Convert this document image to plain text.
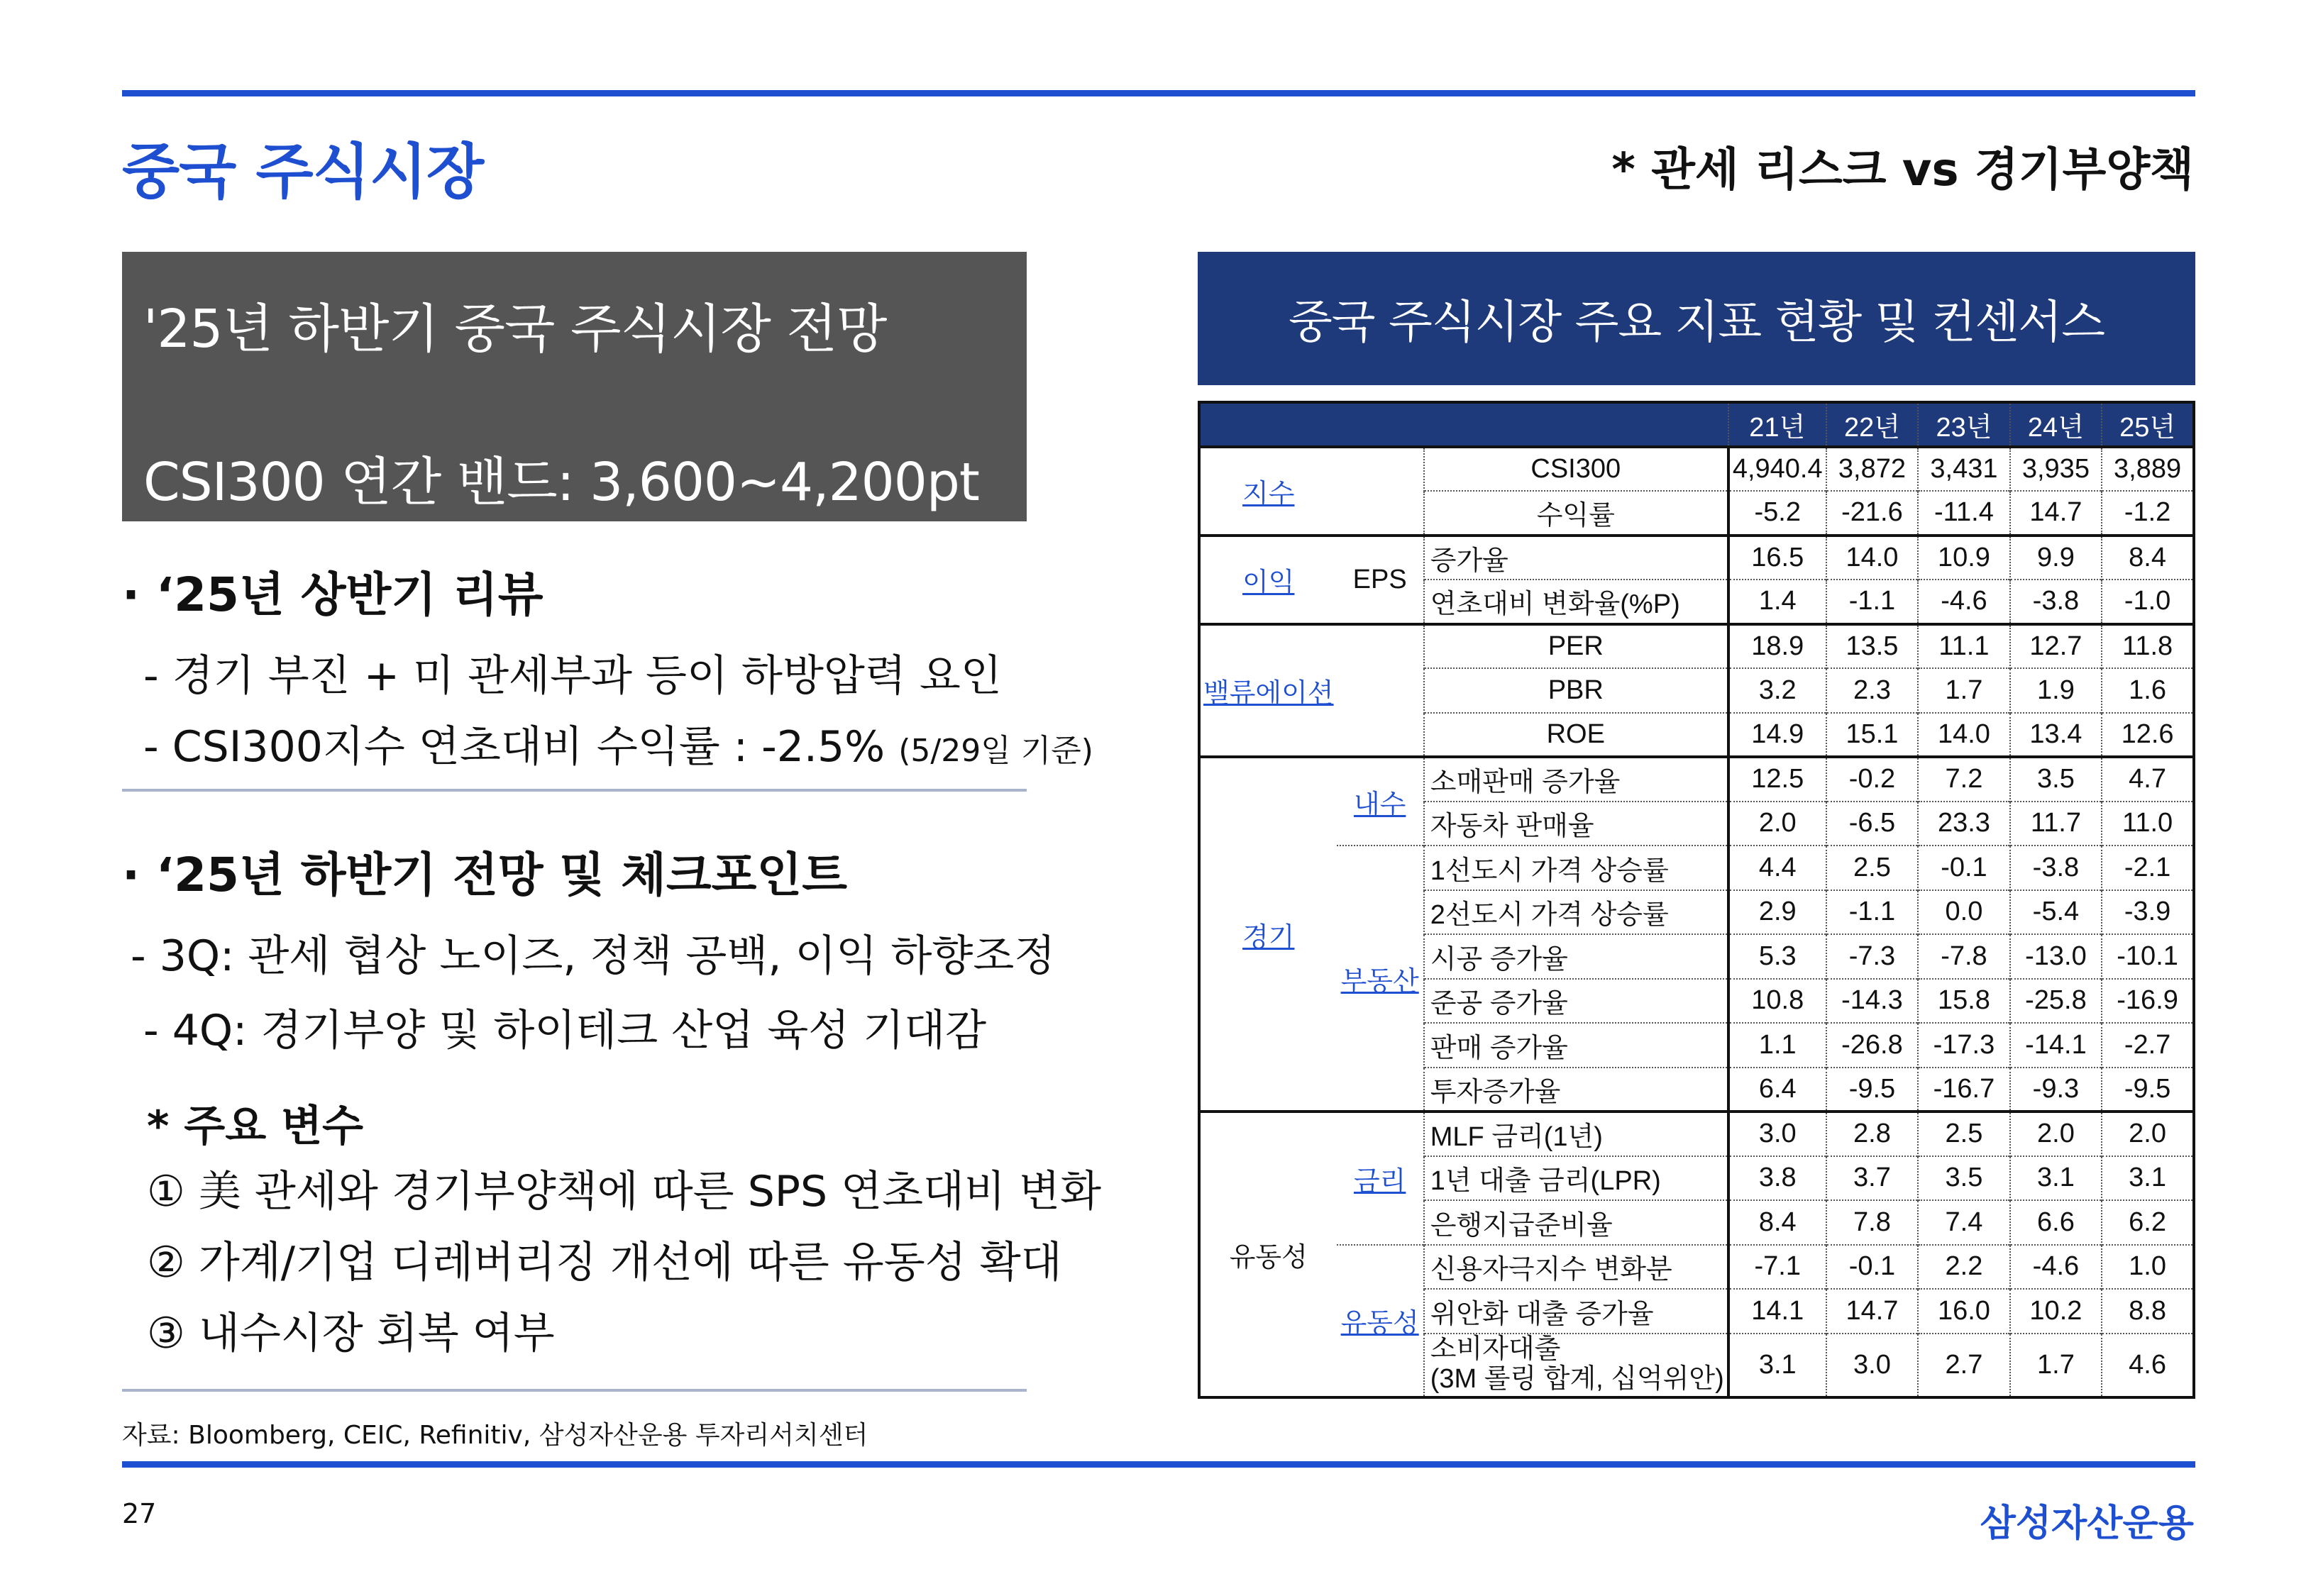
중국 주식시장	* 관세 리스크 vs 경기부양책
'25년 하반기 중국 주식시장 전망
CSI300 연간 밴드: 3,600~4,200pt
· ‘25년 상반기 리뷰
- 경기 부진 + 미 관세부과 등이 하방압력 요인
- CSI300지수 연초대비 수익률 : -2.5% (5/29일 기준)
· ‘25년 하반기 전망 및 체크포인트
- 3Q: 관세 협상 노이즈, 정책 공백, 이익 하향조정
- 4Q: 경기부양 및 하이테크 산업 육성 기대감
* 주요 변수
① 美 관세와 경기부양책에 따른 SPS 연초대비 변화
② 가계/기업 디레버리징 개선에 따른 유동성 확대
③ 내수시장 회복 여부
자료: Bloomberg, CEIC, Refinitiv, 삼성자산운용 투자리서치센터
27	삼성자산운용
중국 주식시장 주요 지표 현황 및 컨센서스
			21년	22년	23년	24년	25년
지수		CSI300	4,940.4	3,872	3,431	3,935	3,889
		수익률	-5.2	-21.6	-11.4	14.7	-1.2
이익	EPS	증가율	16.5	14.0	10.9	9.9	8.4
		연초대비 변화율(%P)	1.4	-1.1	-4.6	-3.8	-1.0
밸류에이션		PER	18.9	13.5	11.1	12.7	11.8
		PBR	3.2	2.3	1.7	1.9	1.6
		ROE	14.9	15.1	14.0	13.4	12.6
경기	내수	소매판매 증가율	12.5	-0.2	7.2	3.5	4.7
		자동차 판매율	2.0	-6.5	23.3	11.7	11.0
	부동산	1선도시 가격 상승률	4.4	2.5	-0.1	-3.8	-2.1
		2선도시 가격 상승률	2.9	-1.1	0.0	-5.4	-3.9
		시공 증가율	5.3	-7.3	-7.8	-13.0	-10.1
		준공 증가율	10.8	-14.3	15.8	-25.8	-16.9
		판매 증가율	1.1	-26.8	-17.3	-14.1	-2.7
		투자증가율	6.4	-9.5	-16.7	-9.3	-9.5
유동성	금리	MLF 금리(1년)	3.0	2.8	2.5	2.0	2.0
		1년 대출 금리(LPR)	3.8	3.7	3.5	3.1	3.1
		은행지급준비율	8.4	7.8	7.4	6.6	6.2
	유동성	신용자극지수 변화분	-7.1	-0.1	2.2	-4.6	1.0
		위안화 대출 증가율	14.1	14.7	16.0	10.2	8.8

		소비자대출
(3M 롤링 합계, 십억위안)	3.1	3.0	2.7	1.7	4.6
